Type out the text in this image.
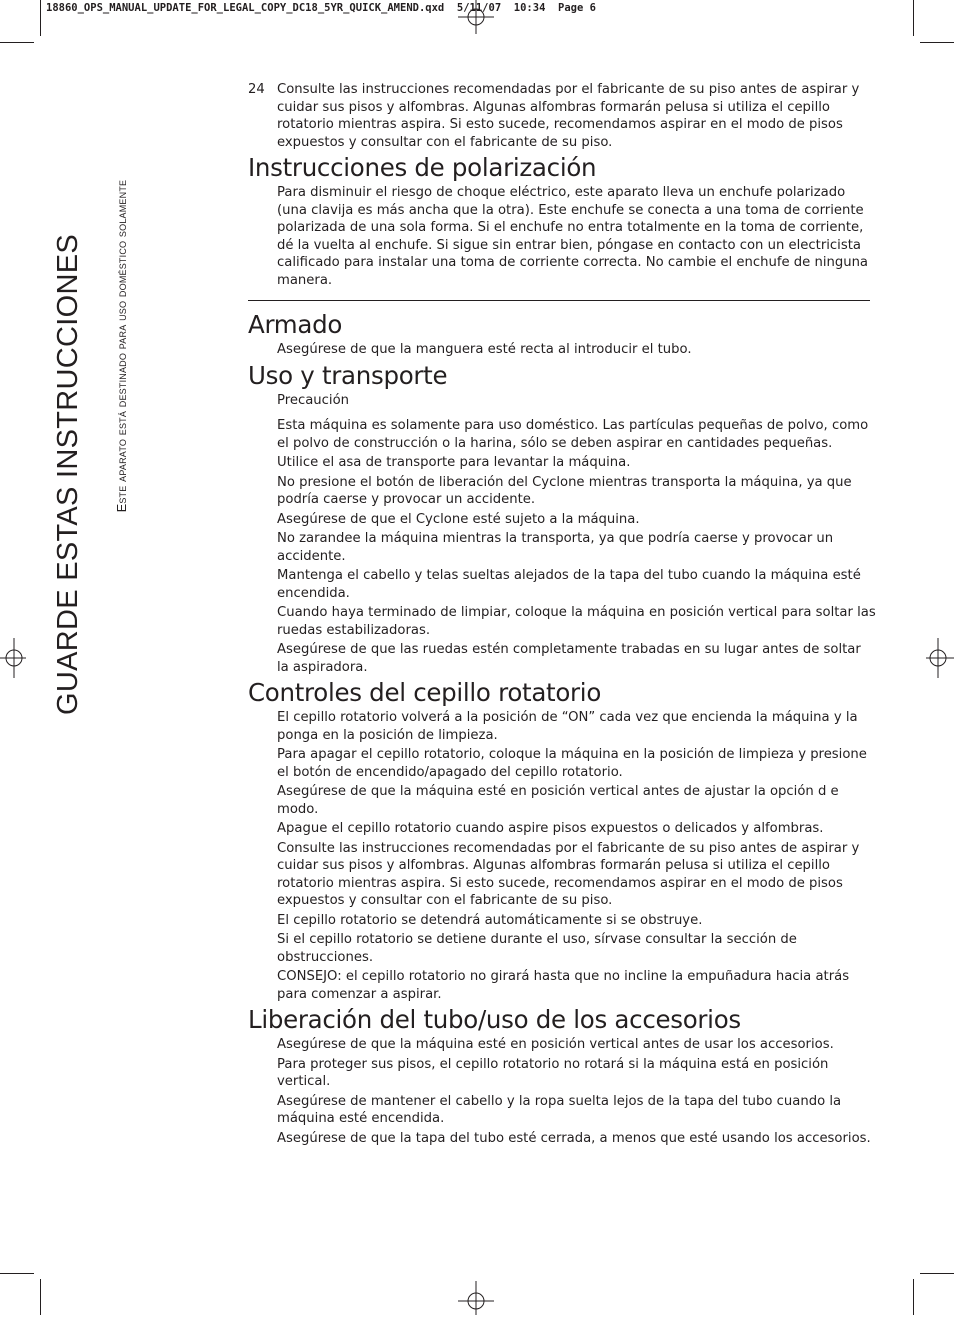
18860_OPS_MANUAL_UPDATE_FOR_LEGAL_COPY_DC18_5YR_QUICK_AMEND.qxd  5/11/07  10:34  Page 6
GUARDE ESTAS INSTRUCCIONES	Este aparato está destinado para uso doméstico solamente
24 Consulte las instrucciones recomendadas por el fabricante de su piso antes de aspirar y cuidar sus pisos y alfombras. Algunas alfombras formarán pelusa si utiliza el cepillo rotatorio mientras aspira. Si esto sucede, recomendamos aspirar en el modo de pisos expuestos y consultar con el fabricante de su piso.
Instrucciones de polarización
Para disminuir el riesgo de choque eléctrico, este aparato lleva un enchufe polarizado (una clavija es más ancha que la otra). Este enchufe se conecta a una toma de corriente polarizada de una sola forma. Si el enchufe no entra totalmente en la toma de corriente, dé la vuelta al enchufe. Si sigue sin entrar bien, póngase en contacto con un electricista calificado para instalar una toma de corriente correcta. No cambie el enchufe de ninguna manera.
Armado
Asegúrese de que la manguera esté recta al introducir el tubo.
Uso y transporte
Precaución
Esta máquina es solamente para uso doméstico. Las partículas pequeñas de polvo, como el polvo de construcción o la harina, sólo se deben aspirar en cantidades pequeñas.
Utilice el asa de transporte para levantar la máquina.
No presione el botón de liberación del Cyclone mientras transporta la máquina, ya que podría caerse y provocar un accidente.
Asegúrese de que el Cyclone esté sujeto a la máquina.
No zarandee la máquina mientras la transporta, ya que podría caerse y provocar un accidente.
Mantenga el cabello y telas sueltas alejados de la tapa del tubo cuando la máquina esté encendida.
Cuando haya terminado de limpiar, coloque la máquina en posición vertical para soltar las ruedas estabilizadoras.
Asegúrese de que las ruedas estén completamente trabadas en su lugar antes de soltar la aspiradora.
Controles del cepillo rotatorio
El cepillo rotatorio volverá a la posición de “ON” cada vez que encienda la máquina y la ponga en la posición de limpieza.
Para apagar el cepillo rotatorio, coloque la máquina en la posición de limpieza y presione el botón de encendido/apagado del cepillo rotatorio.
Asegúrese de que la máquina esté en posición vertical antes de ajustar la opción d e modo.
Apague el cepillo rotatorio cuando aspire pisos expuestos o delicados y alfombras.
Consulte las instrucciones recomendadas por el fabricante de su piso antes de aspirar y cuidar sus pisos y alfombras. Algunas alfombras formarán pelusa si utiliza el cepillo rotatorio mientras aspira. Si esto sucede, recomendamos aspirar en el modo de pisos expuestos y consultar con el fabricante de su piso.
El cepillo rotatorio se detendrá automáticamente si se obstruye.
Si el cepillo rotatorio se detiene durante el uso, sírvase consultar la sección de obstrucciones.
CONSEJO: el cepillo rotatorio no girará hasta que no incline la empuñadura hacia atrás para comenzar a aspirar.
Liberación del tubo/uso de los accesorios
Asegúrese de que la máquina esté en posición vertical antes de usar los accesorios.
Para proteger sus pisos, el cepillo rotatorio no rotará si la máquina está en posición vertical.
Asegúrese de mantener el cabello y la ropa suelta lejos de la tapa del tubo cuando la máquina esté encendida.
Asegúrese de que la tapa del tubo esté cerrada, a menos que esté usando los accesorios.
